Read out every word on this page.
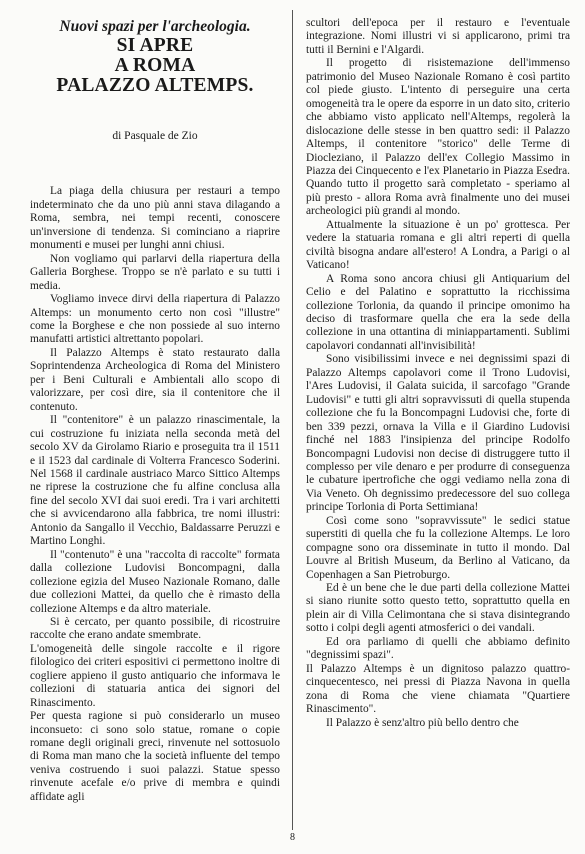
Nuovi spazi per l'archeologia.
SI APRE
A ROMA
PALAZZO ALTEMPS.
di Pasquale de Zio

La piaga della chiusura per restauri a tempo indeterminato che da uno più anni stava dilagando a Roma, sembra, nei tempi recenti, conoscere un'inversione di tendenza. Si cominciano a riaprire monumenti e musei per lunghi anni chiusi.

Non vogliamo qui parlarvi della riapertura della Galleria Borghese. Troppo se n'è parlato e su tutti i media.

Vogliamo invece dirvi della riapertura di Palazzo Altemps: un monumento certo non così "illustre" come la Borghese e che non possiede al suo interno manufatti artistici altrettanto popolari.

Il Palazzo Altemps è stato restaurato dalla Soprintendenza Archeologica di Roma del Ministero per i Beni Culturali e Ambientali allo scopo di valorizzare, per così dire, sia il contenitore che il contenuto.

Il "contenitore" è un palazzo rinascimentale, la cui costruzione fu iniziata nella seconda metà del secolo XV da Girolamo Riario e proseguita tra il 1511 e il 1523 dal cardinale di Volterra Francesco Soderini. Nel 1568 il cardinale austriaco Marco Sittico Altemps ne riprese la costruzione che fu alfine conclusa alla fine del secolo XVI dai suoi eredi. Tra i vari architetti che si avvicendarono alla fabbrica, tre nomi illustri: Antonio da Sangallo il Vecchio, Baldassarre Peruzzi e Martino Longhi.

Il "contenuto" è una "raccolta di raccolte" formata dalla collezione Ludovisi Boncompagni, dalla collezione egizia del Museo Nazionale Romano, dalle due collezioni Mattei, da quello che è rimasto della collezione Altemps e da altro materiale.

Si è cercato, per quanto possibile, di ricostruire raccolte che erano andate smembrate.

L'omogeneità delle singole raccolte e il rigore filologico dei criteri espositivi ci permettono inoltre di cogliere appieno il gusto antiquario che informava le collezioni di statuaria antica dei signori del Rinascimento.

Per questa ragione si può considerarlo un museo inconsueto: ci sono solo statue, romane o copie romane degli originali greci, rinvenute nel sottosuolo di Roma man mano che la società influente del tempo veniva costruendo i suoi palazzi. Statue spesso rinvenute acefale e/o prive di membra e quindi affidate agli

scultori dell'epoca per il restauro e l'eventuale integrazione. Nomi illustri vi si applicarono, primi tra tutti il Bernini e l'Algardi.

Il progetto di risistemazione dell'immenso patrimonio del Museo Nazionale Romano è così partito col piede giusto. L'intento di perseguire una certa omogeneità tra le opere da esporre in un dato sito, criterio che abbiamo visto applicato nell'Altemps, regolerà la dislocazione delle stesse in ben quattro sedi: il Palazzo Altemps, il contenitore "storico" delle Terme di Diocleziano, il Palazzo dell'ex Collegio Massimo in Piazza dei Cinquecento e l'ex Planetario in Piazza Esedra. Quando tutto il progetto sarà completato - speriamo al più presto - allora Roma avrà finalmente uno dei musei archeologici più grandi al mondo.

Attualmente la situazione è un po' grottesca. Per vedere la statuaria romana e gli altri reperti di quella civiltà bisogna andare all'estero! A Londra, a Parigi o al Vaticano!

A Roma sono ancora chiusi gli Antiquarium del Celio e del Palatino e soprattutto la ricchissima collezione Torlonia, da quando il principe omonimo ha deciso di trasformare quella che era la sede della collezione in una ottantina di miniappartamenti. Sublimi capolavori condannati all'invisibilità!

Sono visibilissimi invece e nei degnissimi spazi di Palazzo Altemps capolavori come il Trono Ludovisi, l'Ares Ludovisi, il Galata suicida, il sarcofago "Grande Ludovisi" e tutti gli altri sopravvissuti di quella stupenda collezione che fu la Boncompagni Ludovisi che, forte di ben 339 pezzi, ornava la Villa e il Giardino Ludovisi finché nel 1883 l'insipienza del principe Rodolfo Boncompagni Ludovisi non decise di distruggere tutto il complesso per vile denaro e per produrre di conseguenza le cubature ipertrofiche che oggi vediamo nella zona di Via Veneto. Oh degnissimo predecessore del suo collega principe Torlonia di Porta Settimiana!

Così come sono "sopravvissute" le sedici statue superstiti di quella che fu la collezione Altemps. Le loro compagne sono ora disseminate in tutto il mondo. Dal Louvre al British Museum, da Berlino al Vaticano, da Copenhagen a San Pietroburgo.

Ed è un bene che le due parti della collezione Mattei si siano riunite sotto questo tetto, soprattutto quella en plein air di Villa Celimontana che si stava disintegrando sotto i colpi degli agenti atmosferici o dei vandali.

Ed ora parliamo di quelli che abbiamo definito "degnissimi spazi".

Il Palazzo Altemps è un dignitoso palazzo quattro-cinquecentesco, nei pressi di Piazza Navona in quella zona di Roma che viene chiamata "Quartiere Rinascimento".

Il Palazzo è senz'altro più bello dentro che

8
